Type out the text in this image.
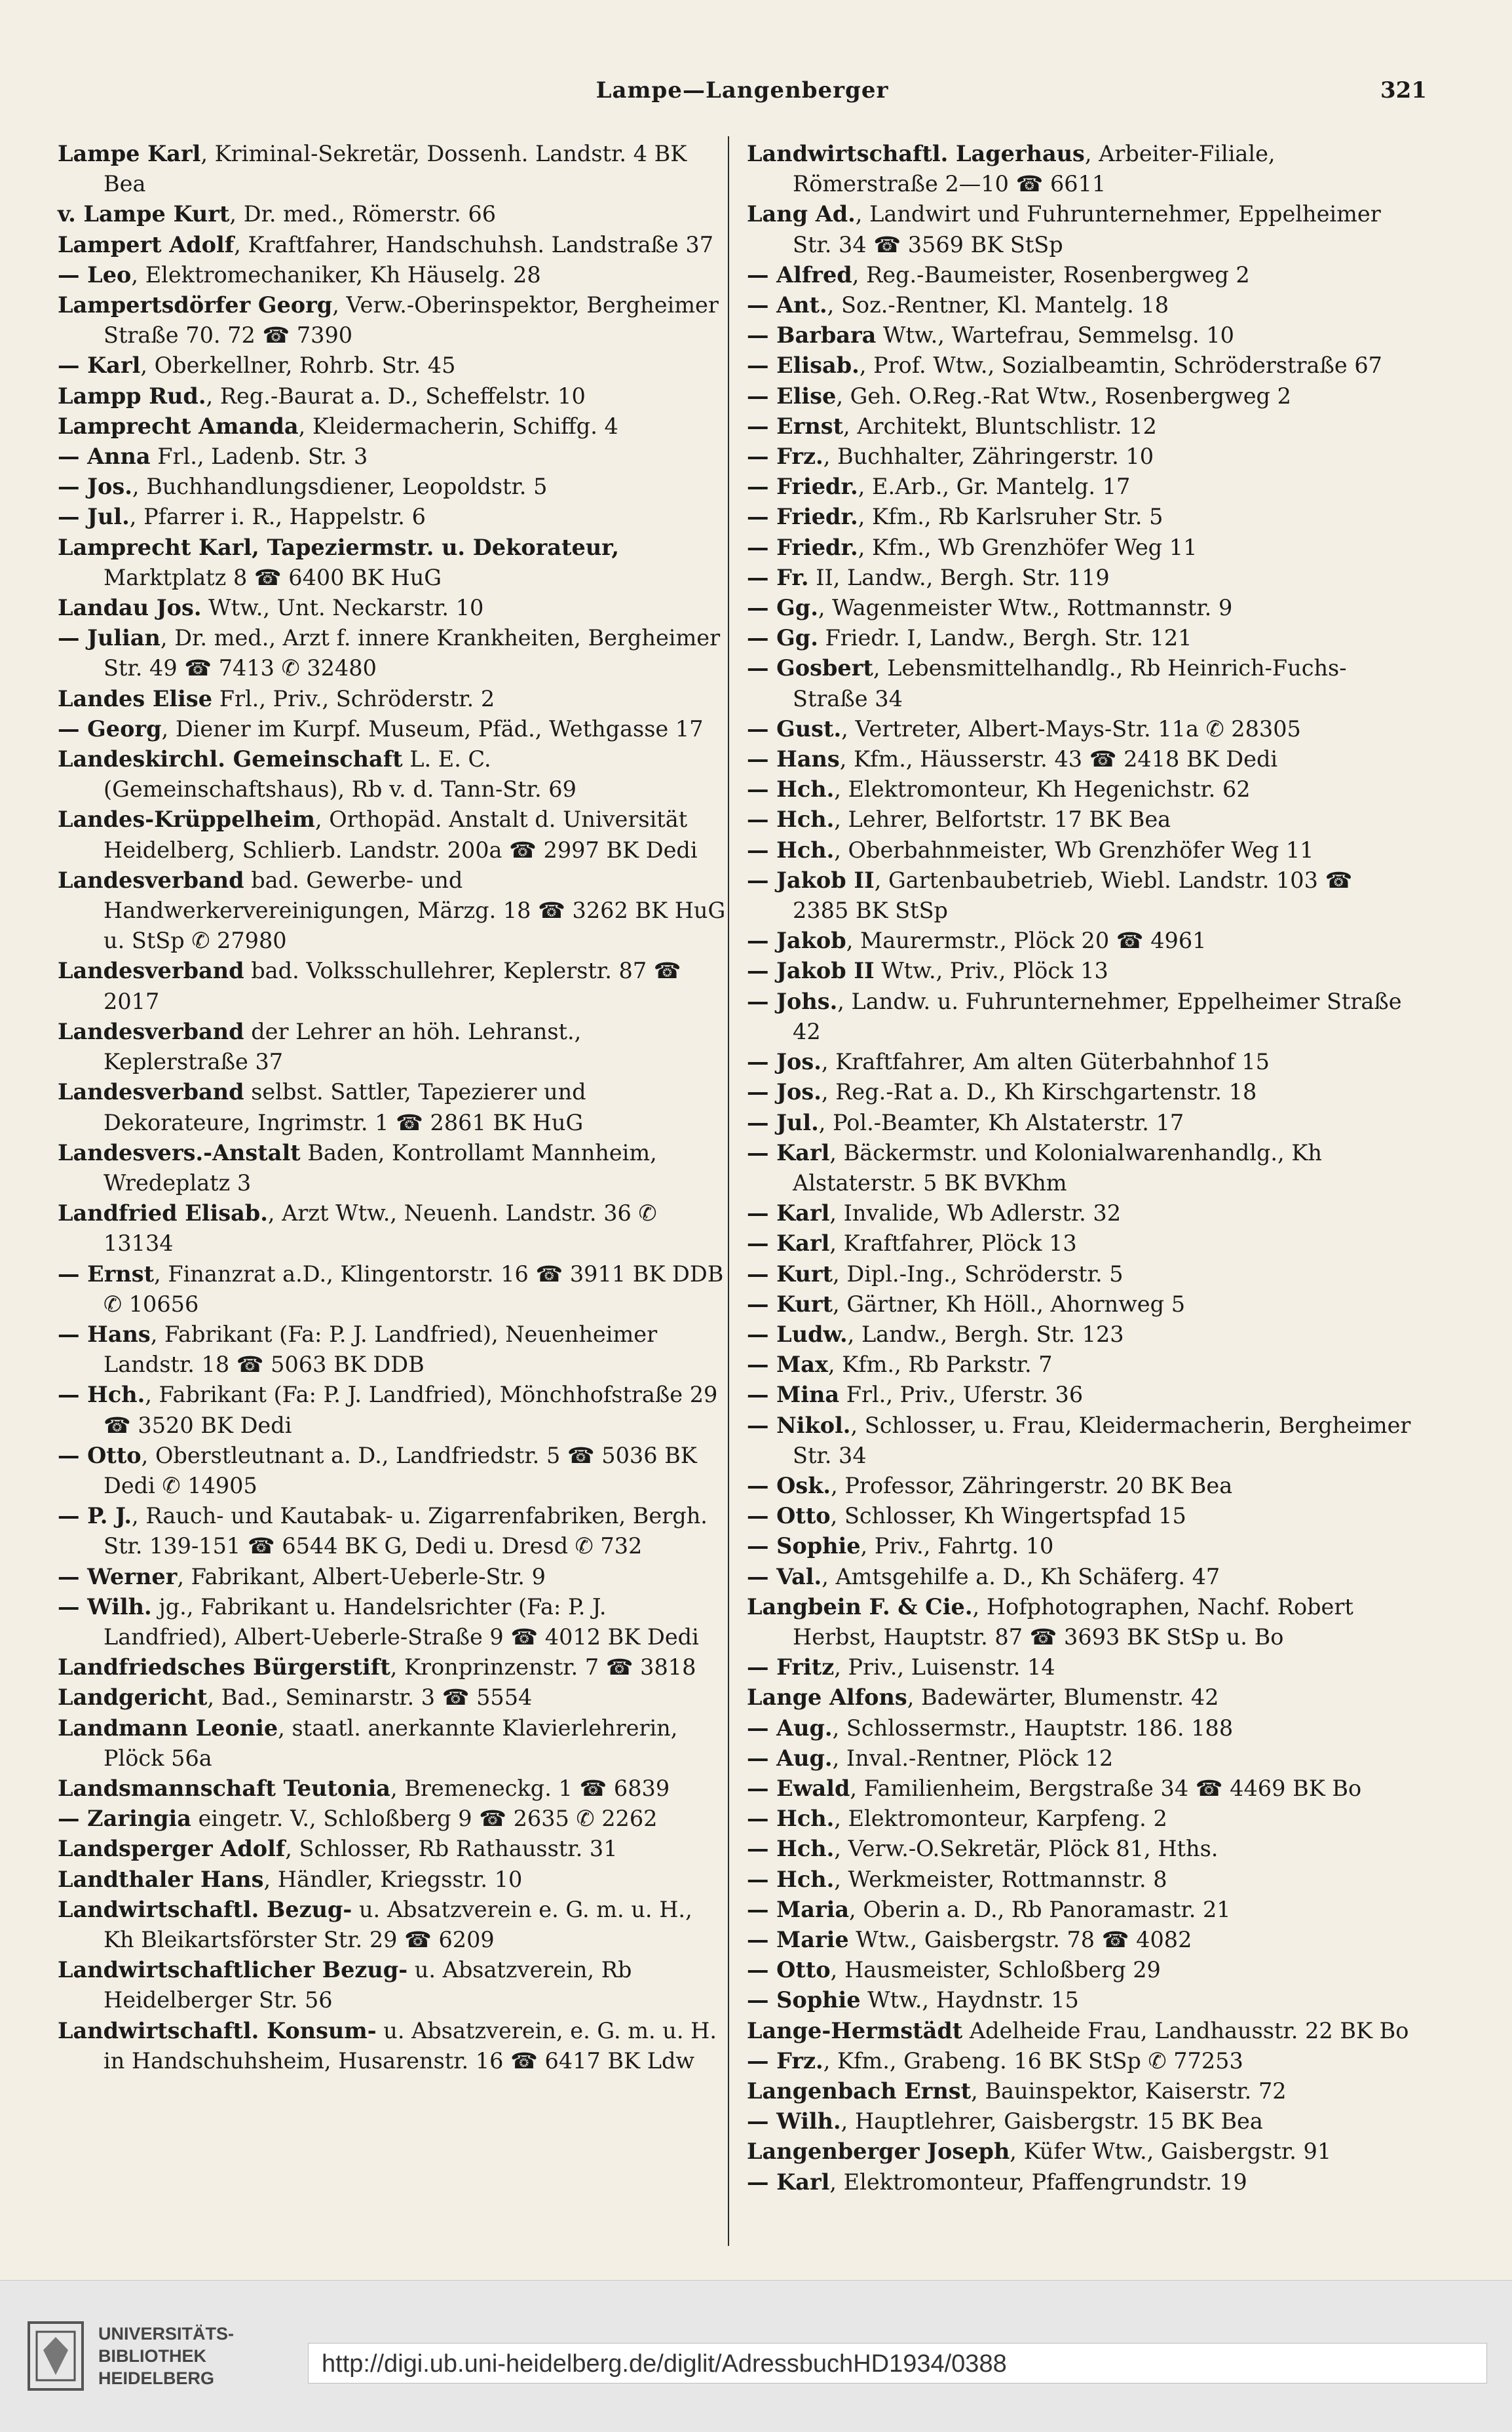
Lampe—Langenberger	321

Lampe Karl, Kriminal-Sekretär, Dossenh. Landstr. 4 BK Bea

v. Lampe Kurt, Dr. med., Römerstr. 66

Lampert Adolf, Kraftfahrer, Handschuhsh. Landstraße 37

— Leo, Elektromechaniker, Kh Häuselg. 28

Lampertsdörfer Georg, Verw.-Oberinspektor, Bergheimer Straße 70. 72 ☎ 7390

— Karl, Oberkellner, Rohrb. Str. 45

Lampp Rud., Reg.-Baurat a. D., Scheffelstr. 10

Lamprecht Amanda, Kleidermacherin, Schiffg. 4

— Anna Frl., Ladenb. Str. 3

— Jos., Buchhandlungsdiener, Leopoldstr. 5

— Jul., Pfarrer i. R., Happelstr. 6

Lamprecht Karl, Tapeziermstr. u. Dekorateur, Marktplatz 8 ☎ 6400 BK HuG

Landau Jos. Wtw., Unt. Neckarstr. 10

— Julian, Dr. med., Arzt f. innere Krankheiten, Bergheimer Str. 49 ☎ 7413 ✆ 32480

Landes Elise Frl., Priv., Schröderstr. 2

— Georg, Diener im Kurpf. Museum, Pfäd., Wethgasse 17

Landeskirchl. Gemeinschaft L. E. C. (Gemeinschaftshaus), Rb v. d. Tann-Str. 69

Landes-Krüppelheim, Orthopäd. Anstalt d. Universität Heidelberg, Schlierb. Landstr. 200a ☎ 2997 BK Dedi

Landesverband bad. Gewerbe- und Handwerkervereinigungen, Märzg. 18 ☎ 3262 BK HuG u. StSp ✆ 27980

Landesverband bad. Volksschullehrer, Keplerstr. 87 ☎ 2017

Landesverband der Lehrer an höh. Lehranst., Keplerstraße 37

Landesverband selbst. Sattler, Tapezierer und Dekorateure, Ingrimstr. 1 ☎ 2861 BK HuG

Landesvers.-Anstalt Baden, Kontrollamt Mannheim, Wredeplatz 3

Landfried Elisab., Arzt Wtw., Neuenh. Landstr. 36 ✆ 13134

— Ernst, Finanzrat a.D., Klingentorstr. 16 ☎ 3911 BK DDB ✆ 10656

— Hans, Fabrikant (Fa: P. J. Landfried), Neuenheimer Landstr. 18 ☎ 5063 BK DDB

— Hch., Fabrikant (Fa: P. J. Landfried), Mönchhofstraße 29 ☎ 3520 BK Dedi

— Otto, Oberstleutnant a. D., Landfriedstr. 5 ☎ 5036 BK Dedi ✆ 14905

— P. J., Rauch- und Kautabak- u. Zigarrenfabriken, Bergh. Str. 139-151 ☎ 6544 BK G, Dedi u. Dresd ✆ 732

— Werner, Fabrikant, Albert-Ueberle-Str. 9

— Wilh. jg., Fabrikant u. Handelsrichter (Fa: P. J. Landfried), Albert-Ueberle-Straße 9 ☎ 4012 BK Dedi

Landfriedsches Bürgerstift, Kronprinzenstr. 7 ☎ 3818

Landgericht, Bad., Seminarstr. 3 ☎ 5554

Landmann Leonie, staatl. anerkannte Klavierlehrerin, Plöck 56a

Landsmannschaft Teutonia, Bremeneckg. 1 ☎ 6839

— Zaringia eingetr. V., Schloßberg 9 ☎ 2635 ✆ 2262

Landsperger Adolf, Schlosser, Rb Rathausstr. 31

Landthaler Hans, Händler, Kriegsstr. 10

Landwirtschaftl. Bezug- u. Absatzverein e. G. m. u. H., Kh Bleikartsförster Str. 29 ☎ 6209

Landwirtschaftlicher Bezug- u. Absatzverein, Rb Heidelberger Str. 56

Landwirtschaftl. Konsum- u. Absatzverein, e. G. m. u. H. in Handschuhsheim, Husarenstr. 16 ☎ 6417 BK Ldw

Landwirtschaftl. Lagerhaus, Arbeiter-Filiale, Römerstraße 2—10 ☎ 6611

Lang Ad., Landwirt und Fuhrunternehmer, Eppelheimer Str. 34 ☎ 3569 BK StSp

— Alfred, Reg.-Baumeister, Rosenbergweg 2

— Ant., Soz.-Rentner, Kl. Mantelg. 18

— Barbara Wtw., Wartefrau, Semmelsg. 10

— Elisab., Prof. Wtw., Sozialbeamtin, Schröderstraße 67

— Elise, Geh. O.Reg.-Rat Wtw., Rosenbergweg 2

— Ernst, Architekt, Bluntschlistr. 12

— Frz., Buchhalter, Zähringerstr. 10

— Friedr., E.Arb., Gr. Mantelg. 17

— Friedr., Kfm., Rb Karlsruher Str. 5

— Friedr., Kfm., Wb Grenzhöfer Weg 11

— Fr. II, Landw., Bergh. Str. 119

— Gg., Wagenmeister Wtw., Rottmannstr. 9

— Gg. Friedr. I, Landw., Bergh. Str. 121

— Gosbert, Lebensmittelhandlg., Rb Heinrich-Fuchs-Straße 34

— Gust., Vertreter, Albert-Mays-Str. 11a ✆ 28305

— Hans, Kfm., Häusserstr. 43 ☎ 2418 BK Dedi

— Hch., Elektromonteur, Kh Hegenichstr. 62

— Hch., Lehrer, Belfortstr. 17 BK Bea

— Hch., Oberbahnmeister, Wb Grenzhöfer Weg 11

— Jakob II, Gartenbaubetrieb, Wiebl. Landstr. 103 ☎ 2385 BK StSp

— Jakob, Maurermstr., Plöck 20 ☎ 4961

— Jakob II Wtw., Priv., Plöck 13

— Johs., Landw. u. Fuhrunternehmer, Eppelheimer Straße 42

— Jos., Kraftfahrer, Am alten Güterbahnhof 15

— Jos., Reg.-Rat a. D., Kh Kirschgartenstr. 18

— Jul., Pol.-Beamter, Kh Alstaterstr. 17

— Karl, Bäckermstr. und Kolonialwarenhandlg., Kh Alstaterstr. 5 BK BVKhm

— Karl, Invalide, Wb Adlerstr. 32

— Karl, Kraftfahrer, Plöck 13

— Kurt, Dipl.-Ing., Schröderstr. 5

— Kurt, Gärtner, Kh Höll., Ahornweg 5

— Ludw., Landw., Bergh. Str. 123

— Max, Kfm., Rb Parkstr. 7

— Mina Frl., Priv., Uferstr. 36

— Nikol., Schlosser, u. Frau, Kleidermacherin, Bergheimer Str. 34

— Osk., Professor, Zähringerstr. 20 BK Bea

— Otto, Schlosser, Kh Wingertspfad 15

— Sophie, Priv., Fahrtg. 10

— Val., Amtsgehilfe a. D., Kh Schäferg. 47

Langbein F. & Cie., Hofphotographen, Nachf. Robert Herbst, Hauptstr. 87 ☎ 3693 BK StSp u. Bo

— Fritz, Priv., Luisenstr. 14

Lange Alfons, Badewärter, Blumenstr. 42

— Aug., Schlossermstr., Hauptstr. 186. 188

— Aug., Inval.-Rentner, Plöck 12

— Ewald, Familienheim, Bergstraße 34 ☎ 4469 BK Bo

— Hch., Elektromonteur, Karpfeng. 2

— Hch., Verw.-O.Sekretär, Plöck 81, Hths.

— Hch., Werkmeister, Rottmannstr. 8

— Maria, Oberin a. D., Rb Panoramastr. 21

— Marie Wtw., Gaisbergstr. 78 ☎ 4082

— Otto, Hausmeister, Schloßberg 29

— Sophie Wtw., Haydnstr. 15

Lange-Hermstädt Adelheide Frau, Landhausstr. 22 BK Bo

— Frz., Kfm., Grabeng. 16 BK StSp ✆ 77253

Langenbach Ernst, Bauinspektor, Kaiserstr. 72

— Wilh., Hauptlehrer, Gaisbergstr. 15 BK Bea

Langenberger Joseph, Küfer Wtw., Gaisbergstr. 91

— Karl, Elektromonteur, Pfaffengrundstr. 19

UNIVERSITÄTS-
BIBLIOTHEK
HEIDELBERG
http://digi.ub.uni-heidelberg.de/diglit/AdressbuchHD1934/0388
